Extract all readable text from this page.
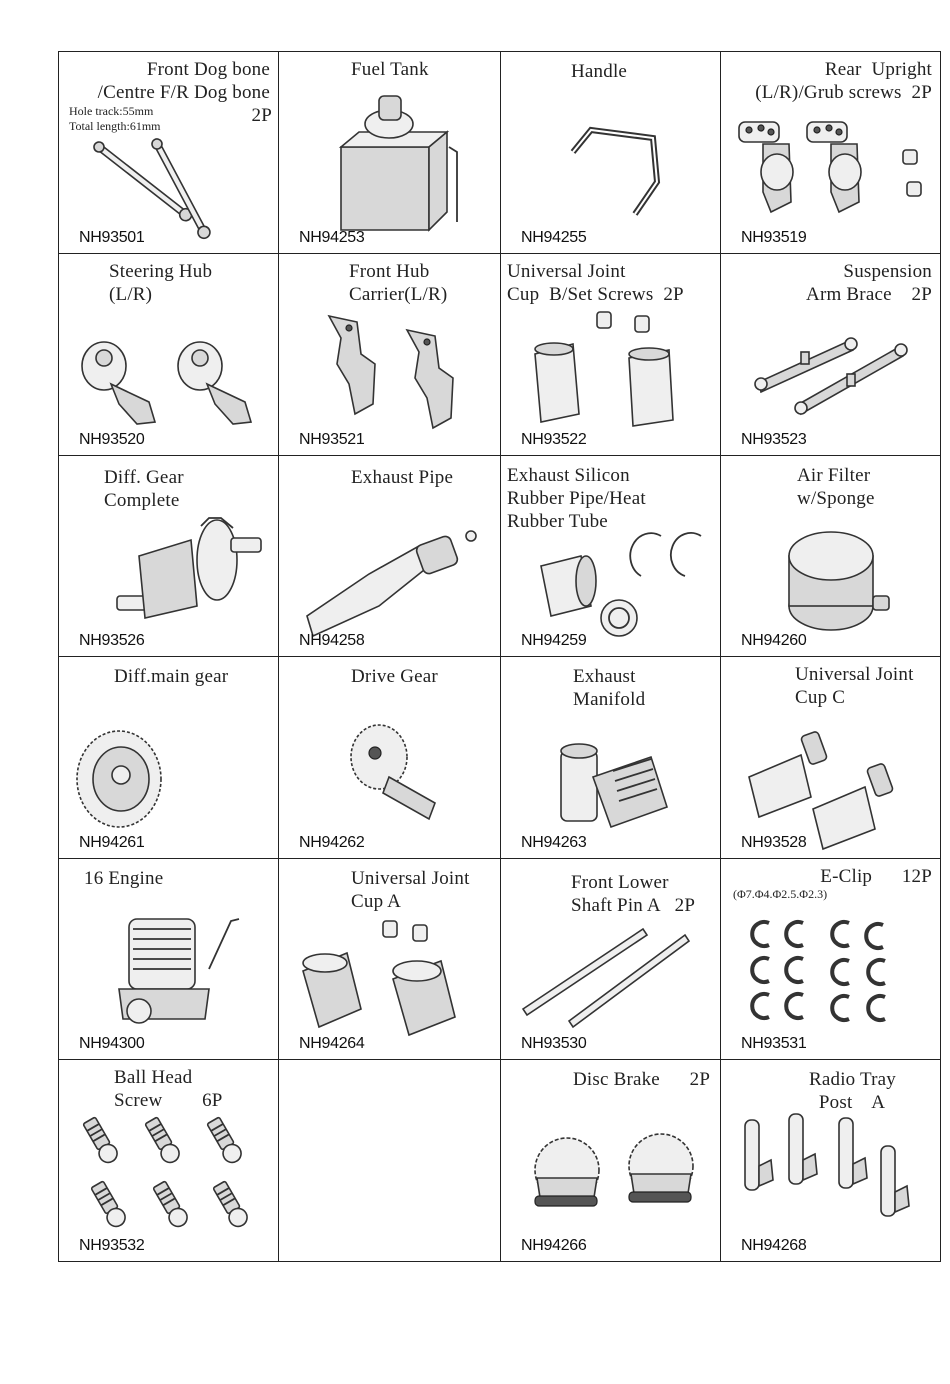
Front Dog bone
/Centre F/R Dog bone
2P
Hole track:55mm
Total length:61mm
NH93501
Fuel Tank
NH94253
Handle
NH94255
Rear  Upright
(L/R)/Grub screws  2P
NH93519
Steering Hub
(L/R)
NH93520
Front Hub
Carrier(L/R)
NH93521
Universal Joint
Cup  B/Set Screws  2P
NH93522
Suspension
Arm Brace    2P
NH93523
Diff. Gear
Complete
NH93526
Exhaust Pipe
NH94258
Exhaust Silicon
Rubber Pipe/Heat
Rubber Tube
NH94259
Air Filter
w/Sponge
NH94260
Diff.main gear
NH94261
Drive Gear
NH94262
Exhaust
Manifold
NH94263
Universal Joint
Cup C
NH93528
16 Engine
NH94300
Universal Joint
Cup A
NH94264
Front Lower
Shaft Pin A   2P
NH93530
E-Clip      12P
(Φ7.Φ4.Φ2.5.Φ2.3)
NH93531
Ball Head
Screw        6P
NH93532
Disc Brake      2P
NH94266
Radio Tray
Post    A
NH94268
